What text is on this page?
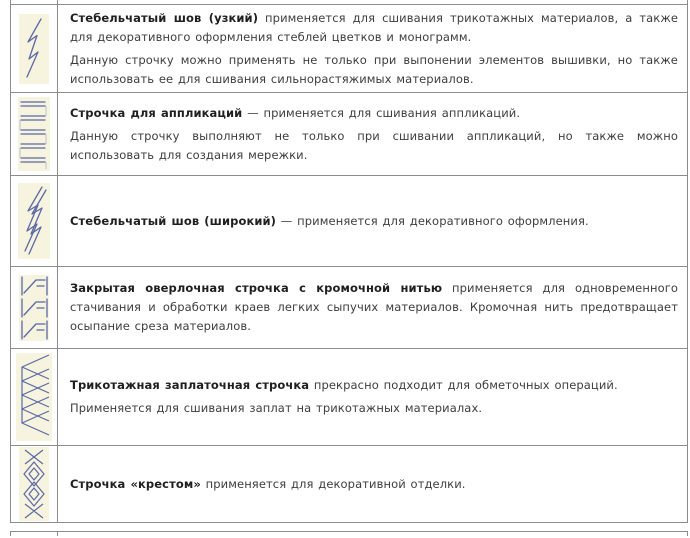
Стебельчатый шов (узкий) применяется для сшивания трикотажных материалов, а также для декоративного оформления стеблей цветков и монограмм.

Данную строчку можно применять не только при выпонении элементов вышивки, но также использовать ее для сшивания сильнорастяжимых материалов.

Строчка для аппликаций — применяется для сшивания аппликаций.

Данную строчку выполняют не только при сшивании аппликаций, но также можно использовать для создания мережки.

Стебельчатый шов (широкий) — применяется для декоративного оформления.

Закрытая оверлочная строчка с кромочной нитью применяется для одновременного стачивания и обработки краев легких сыпучих материалов. Кромочная нить предотвращает осыпание среза материалов.

Трикотажная заплаточная строчка прекрасно подходит для обметочных операций.

Применяется для сшивания заплат на трикотажных материалах.

Строчка «крестом» применяется для декоративной отделки.
